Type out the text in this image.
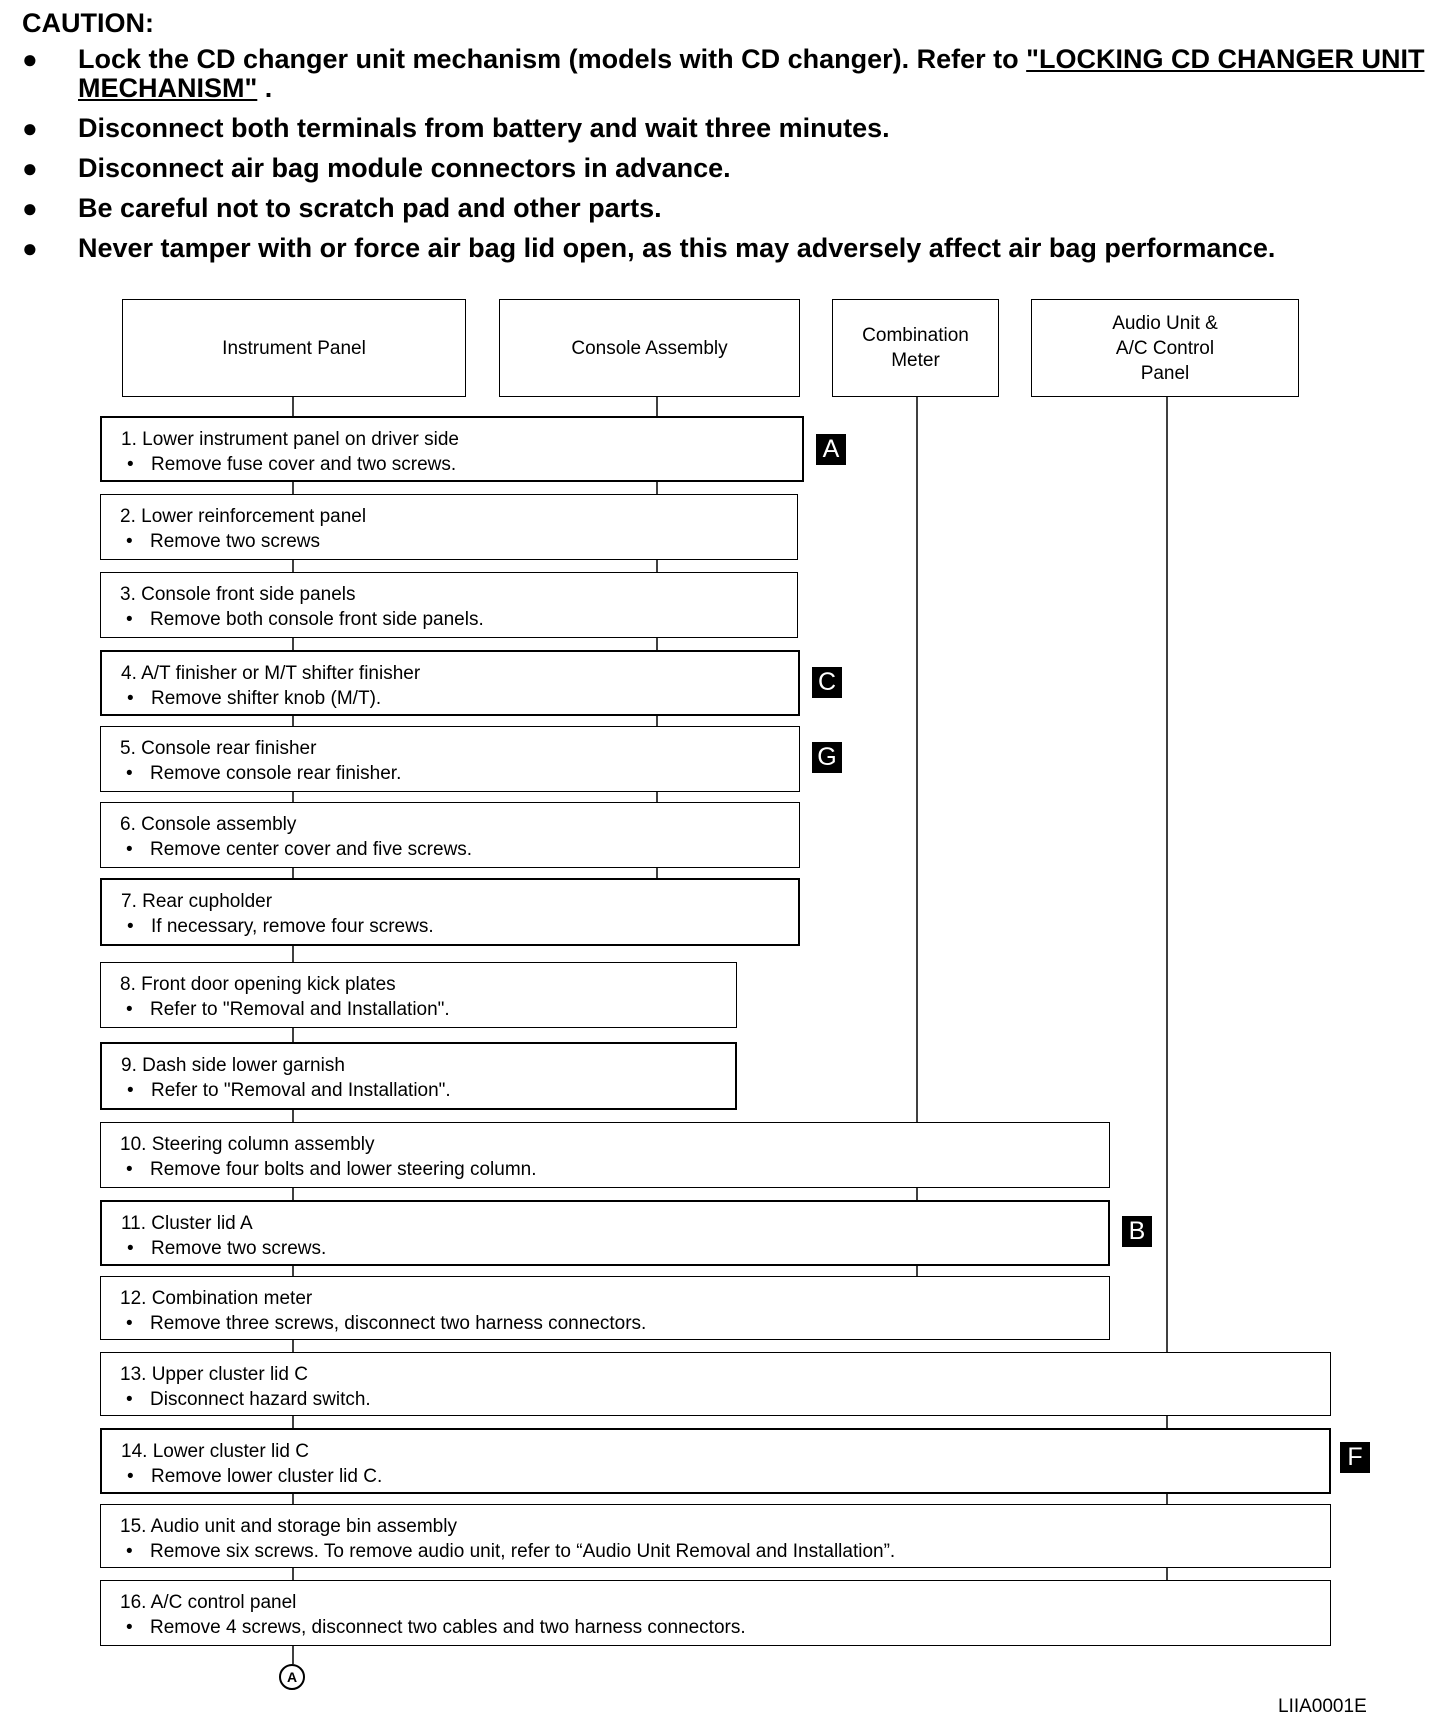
CAUTION:
● Lock the CD changer unit mechanism (models with CD changer). Refer to "LOCKING CD CHANGER UNIT MECHANISM" .
● Disconnect both terminals from battery and wait three minutes.
● Disconnect air bag module connectors in advance.
● Be careful not to scratch pad and other parts.
● Never tamper with or force air bag lid open, as this may adversely affect air bag performance.
Instrument Panel	Console Assembly
Combination
Meter
Audio Unit &
A/C Control
Panel
1. Lower instrument panel on driver side
• Remove fuse cover and two screws.
2. Lower reinforcement panel
• Remove two screws
3. Console front side panels
• Remove both console front side panels.
4. A/T finisher or M/T shifter finisher
• Remove shifter knob (M/T).
5. Console rear finisher
• Remove console rear finisher.
6. Console assembly
• Remove center cover and five screws.
7. Rear cupholder
• If necessary, remove four screws.
8. Front door opening kick plates
• Refer to "Removal and Installation".
9. Dash side lower garnish
• Refer to "Removal and Installation".
10. Steering column assembly
• Remove four bolts and lower steering column.
11. Cluster lid A
• Remove two screws.
12. Combination meter
• Remove three screws, disconnect two harness connectors.
13. Upper cluster lid C
• Disconnect hazard switch.
14. Lower cluster lid C
• Remove lower cluster lid C.
15. Audio unit and storage bin assembly
• Remove six screws. To remove audio unit, refer to “Audio Unit Removal and Installation”.
16. A/C control panel
• Remove 4 screws, disconnect two cables and two harness connectors.
A
C
G
B
F
A
LIIA0001E
